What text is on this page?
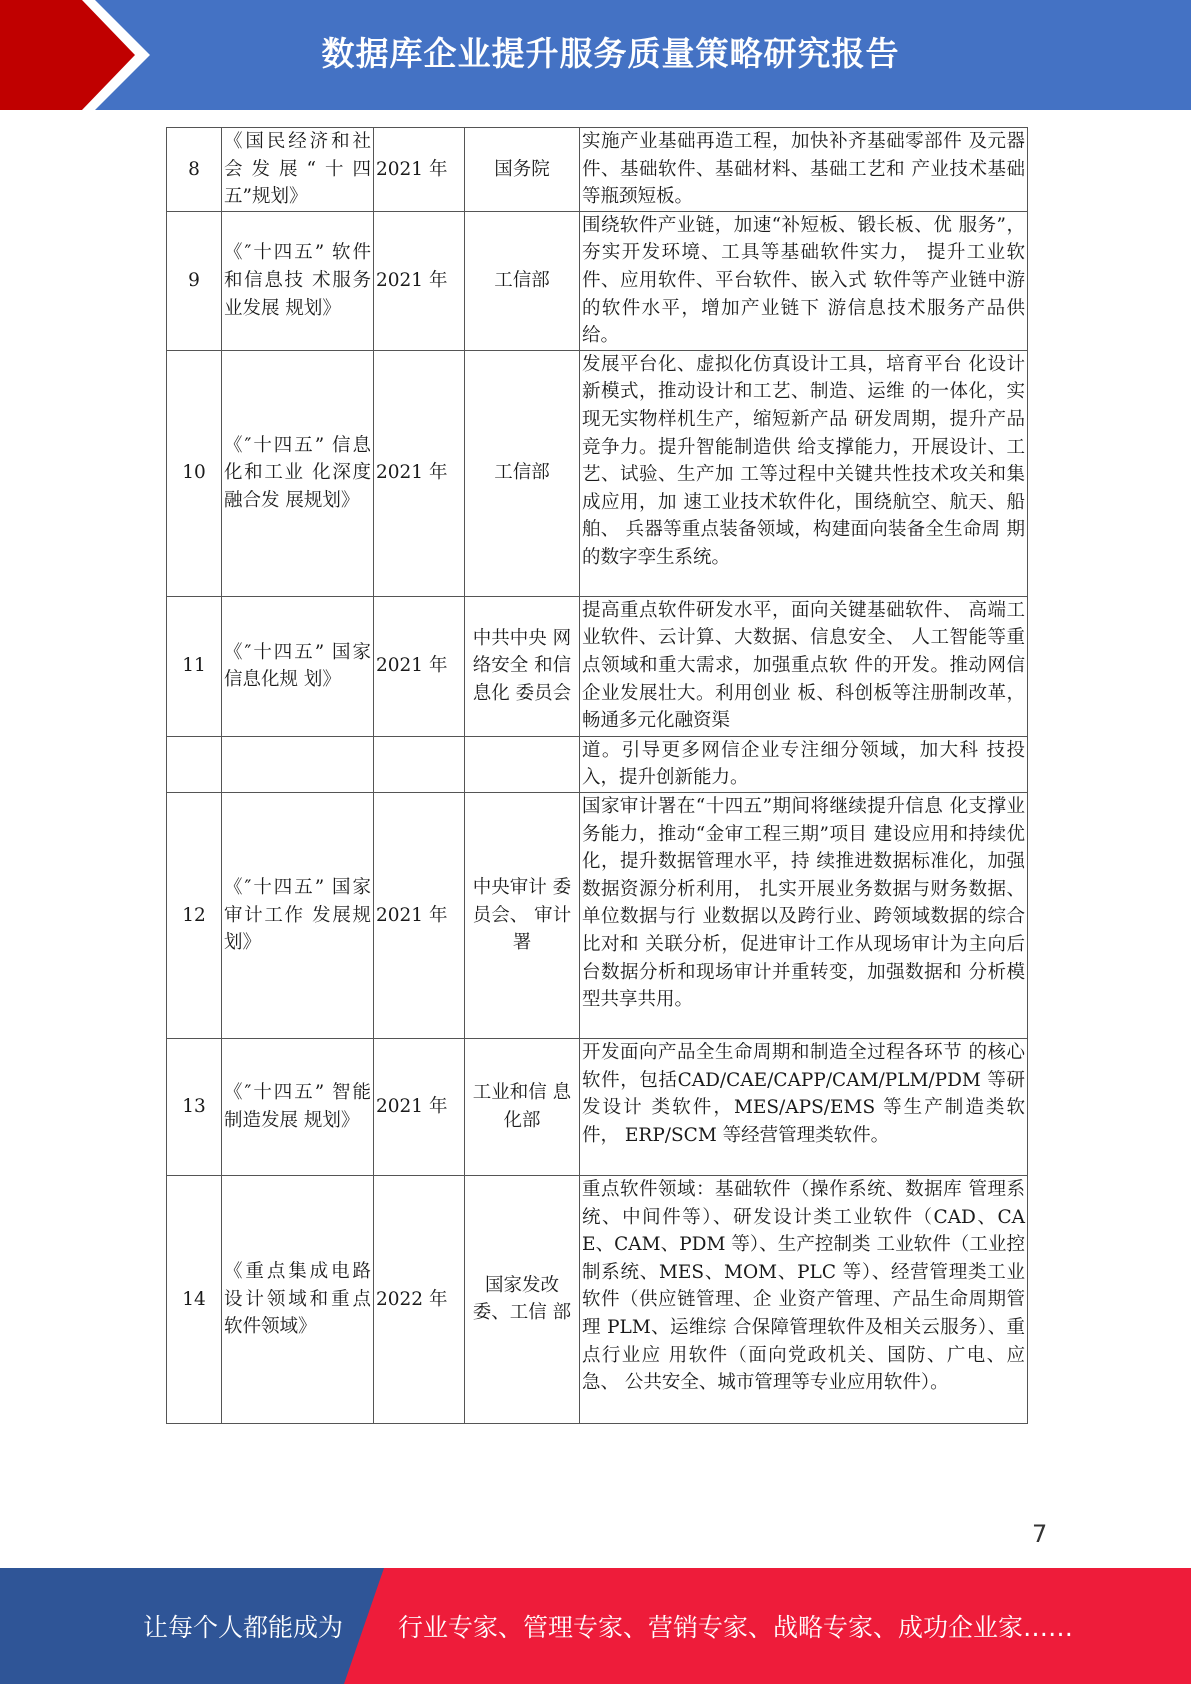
数据库企业提升服务质量策略研究报告
8	《国民经济和社会发展“十四五”规划》	2021 年	国务院	实施产业基础再造工程，加快补齐基础零部件 及元器件、基础软件、基础材料、基础工艺和 产业技术基础等瓶颈短板。
9	《″十四五” 软件和信息技 术服务业发展 规划》	2021 年	工信部	围绕软件产业链，加速“补短板、锻长板、优 服务”，夯实开发环境、工具等基础软件实力， 提升工业软件、应用软件、平台软件、嵌入式 软件等产业链中游的软件水平，增加产业链下 游信息技术服务产品供给。
10	《″十四五” 信息化和工业 化深度融合发 展规划》	2021 年	工信部	发展平台化、虚拟化仿真设计工具，培育平台 化设计新模式，推动设计和工艺、制造、运维 的一体化，实现无实物样机生产，缩短新产品 研发周期，提升产品竞争力。提升智能制造供 给支撑能力，开展设计、工艺、试验、生产加 工等过程中关键共性技术攻关和集成应用，加 速工业技术软件化，围绕航空、航天、船舶、 兵器等重点装备领域，构建面向装备全生命周 期的数字孪生系统。
11	《″十四五” 国家信息化规 划》	2021 年	中共中央 网络安全 和信息化 委员会	提高重点软件研发水平，面向关键基础软件、 高端工业软件、云计算、大数据、信息安全、 人工智能等重点领域和重大需求，加强重点软 件的开发。推动网信企业发展壮大。利用创业 板、科创板等注册制改革，畅通多元化融资渠
				道。引导更多网信企业专注细分领域，加大科 技投入，提升创新能力。
12	《″十四五” 国家审计工作 发展规划》	2021 年	中央审计 委员会、 审计署	国家审计署在“十四五”期间将继续提升信息 化支撑业务能力，推动“金审工程三期”项目 建设应用和持续优化，提升数据管理水平，持 续推进数据标准化，加强数据资源分析利用， 扎实开展业务数据与财务数据、单位数据与行 业数据以及跨行业、跨领域数据的综合比对和 关联分析，促进审计工作从现场审计为主向后 台数据分析和现场审计并重转变，加强数据和 分析模型共享共用。
13	《″十四五” 智能制造发展 规划》	2021 年	工业和信 息化部	开发面向产品全生命周期和制造全过程各环节 的核心软件，包括CAD/CAE/CAPP/CAM/PLM/PDM 等研发设计 类软件，MES/APS/EMS 等生产制造类软件， ERP/SCM 等经营管理类软件。
14	《重点集成电路设计领域和重点软件领域》	2022 年	国家发改 委、工信 部	重点软件领域：基础软件（操作系统、数据库 管理系统、中间件等）、研发设计类工业软件（CAD、CAE、CAM、PDM 等）、生产控制类 工业软件（工业控制系统、MES、MOM、PLC 等）、经营管理类工业软件（供应链管理、企 业资产管理、产品生命周期管理 PLM、运维综 合保障管理软件及相关云服务）、重点行业应 用软件（面向党政机关、国防、广电、应急、 公共安全、城市管理等专业应用软件）。
7
让每个人都能成为 行业专家、管理专家、营销专家、战略专家、成功企业家……
